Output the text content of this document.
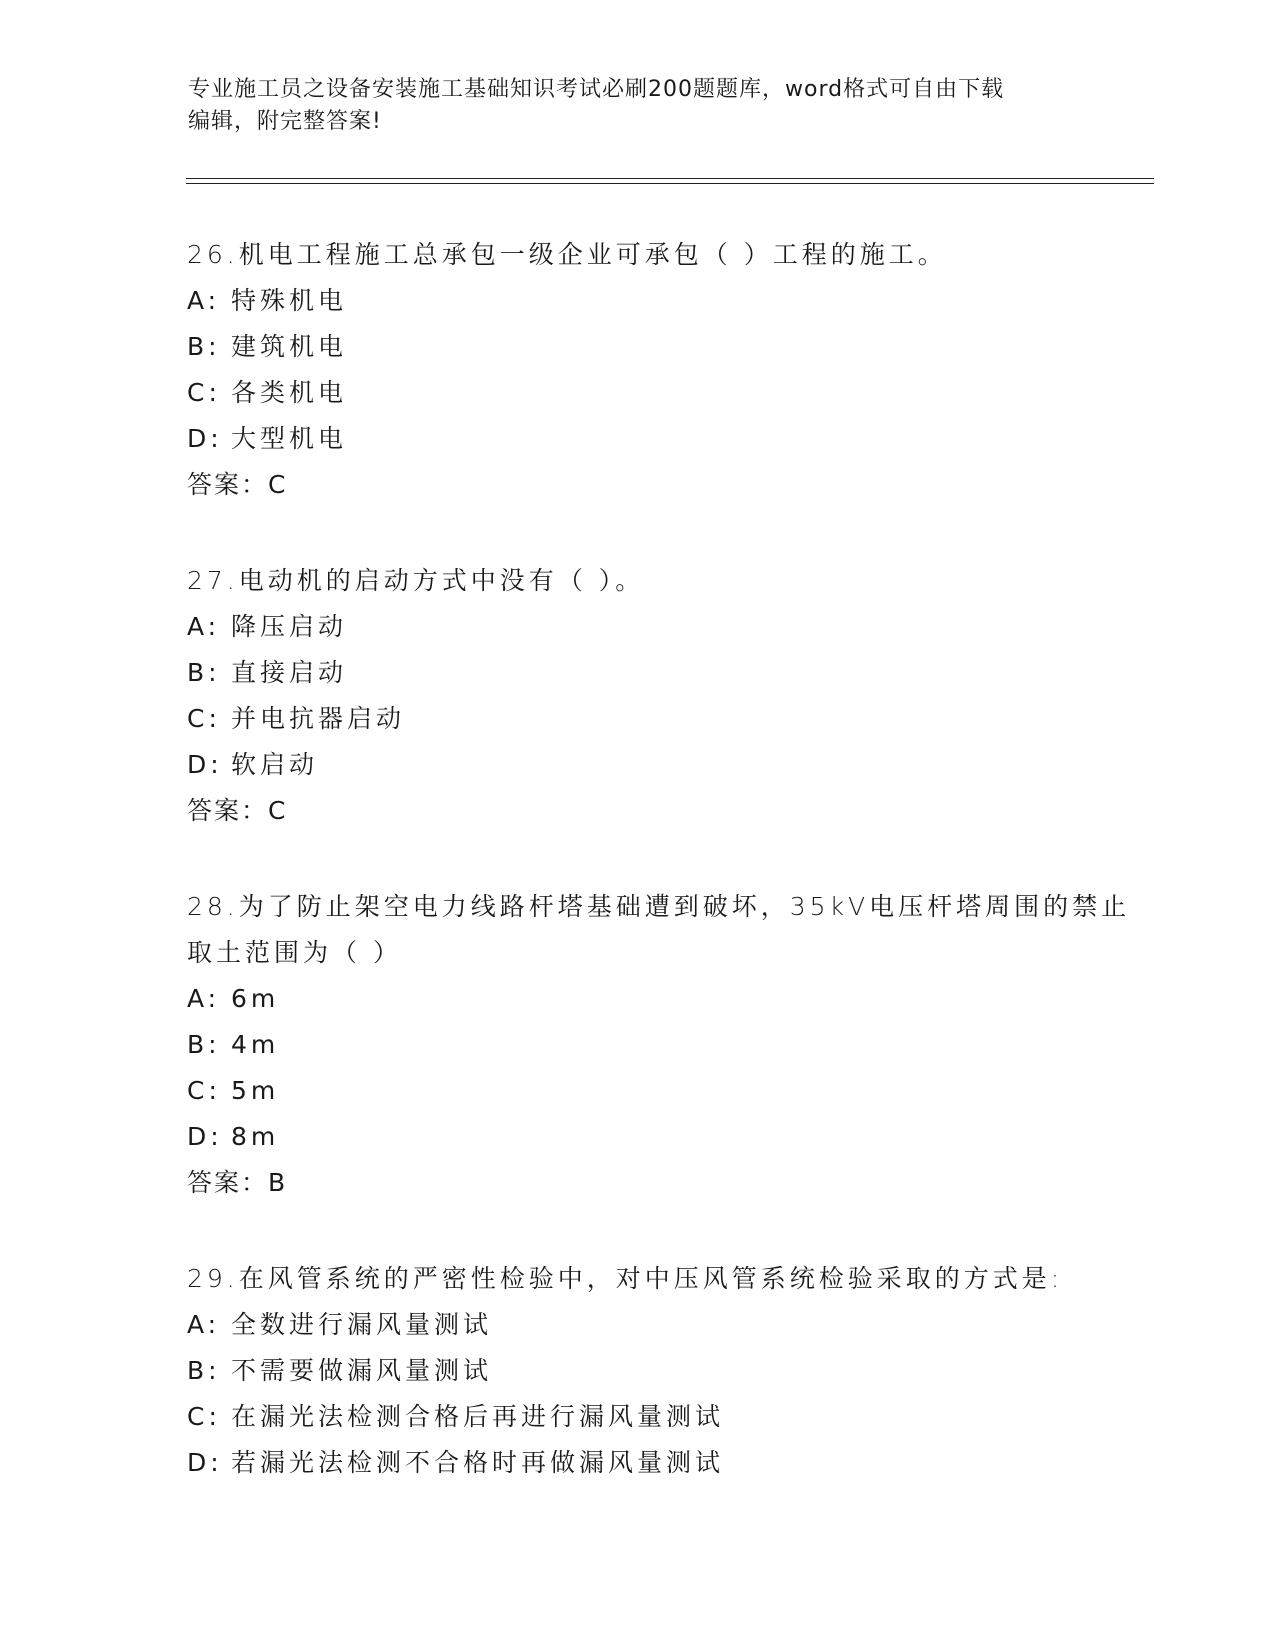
专业施工员之设备安装施工基础知识考试必刷200题题库，word格式可自由下载
编辑，附完整答案!
26.机电工程施工总承包一级企业可承包（ ）工程的施工。
A: 特殊机电
B: 建筑机电
C: 各类机电
D: 大型机电
答案：C
27.电动机的启动方式中没有（ ）。
A: 降压启动
B: 直接启动
C: 并电抗器启动
D: 软启动
答案：C
28.为了防止架空电力线路杆塔基础遭到破坏，35kV电压杆塔周围的禁止取土范围为（ ）
A: 6m
B: 4m
C: 5m
D: 8m
答案：B
29.在风管系统的严密性检验中，对中压风管系统检验采取的方式是:
A: 全数进行漏风量测试
B: 不需要做漏风量测试
C: 在漏光法检测合格后再进行漏风量测试
D: 若漏光法检测不合格时再做漏风量测试
